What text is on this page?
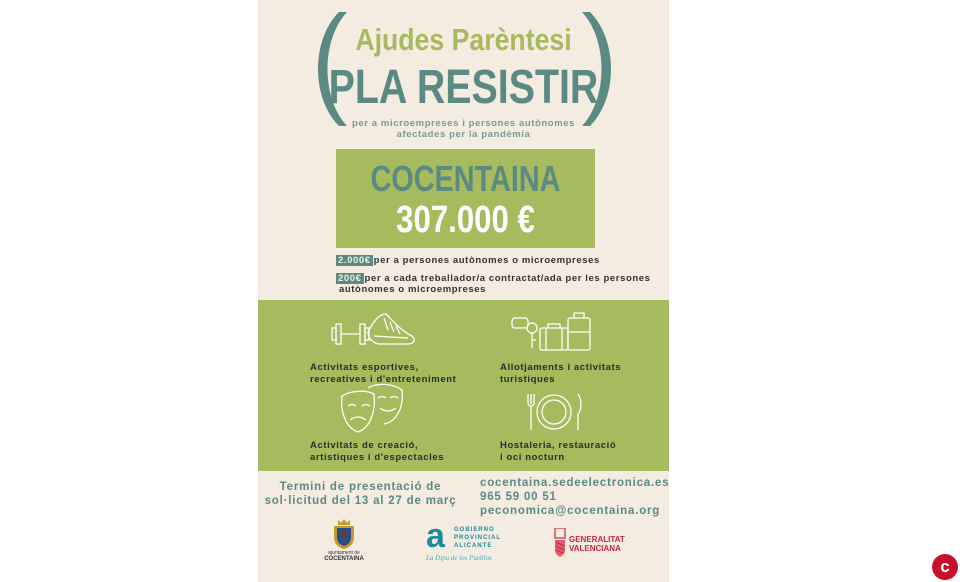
Ajudes Parèntesi
PLA RESISTIR
per a microempreses i persones autònomes
afectades per la pandèmia
COCENTAINA
307.000 €
2.000€ per a persones autònomes o microempreses
200€ per a cada treballador/a contractat/ada per les persones
autònomes o microempreses
Activitats esportives,
recreatives i d'entreteniment
Allotjaments i activitats
turistiques
Activitats de creació,
artistiques i d'espectacles
Hostaleria, restauració
i oci nocturn
Termini de presentació de
sol·licitud del 13 al 27 de març
cocentaina.sedeelectronica.es
965 59 00 51
peconomica@cocentaina.org
ajuntament de
COCENTAINA
a GOBIERNO
PROVINCIAL
ALICANTE
La Dipu de los Pueblos
GENERALITAT
VALENCIANA
c
